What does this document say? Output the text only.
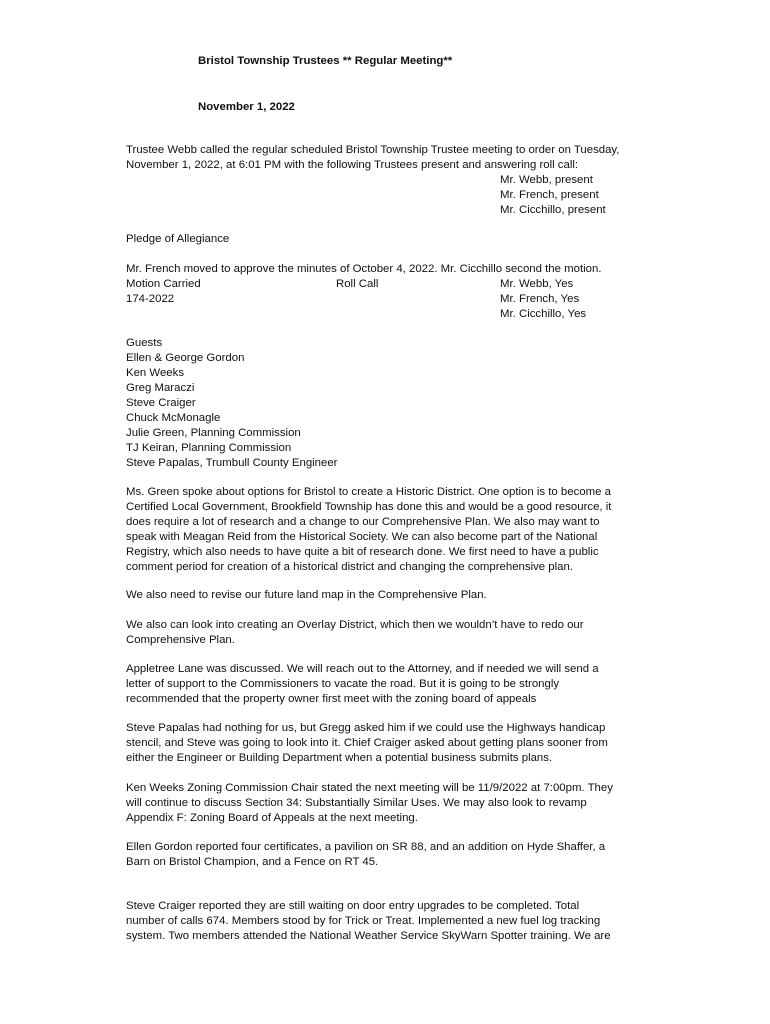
Bristol Township Trustees ** Regular Meeting**
November 1, 2022
Trustee Webb called the regular scheduled Bristol Township Trustee meeting to order on Tuesday,
November 1, 2022, at 6:01 PM with the following Trustees present and answering roll call:
Mr. Webb, present
Mr. French, present
Mr. Cicchillo, present
Pledge of Allegiance
Mr. French moved to approve the minutes of October 4, 2022. Mr. Cicchillo second the motion.
Motion Carried
174-2022
Roll Call	Mr. Webb, Yes
Mr. French, Yes
Mr. Cicchillo, Yes
Guests
Ellen & George Gordon
Ken Weeks
Greg Maraczi
Steve Craiger
Chuck McMonagle
Julie Green, Planning Commission
TJ Keiran, Planning Commission
Steve Papalas, Trumbull County Engineer
Ms. Green spoke about options for Bristol to create a Historic District. One option is to become a
Certified Local Government, Brookfield Township has done this and would be a good resource, it
does require a lot of research and a change to our Comprehensive Plan. We also may want to
speak with Meagan Reid from the Historical Society. We can also become part of the National
Registry, which also needs to have quite a bit of research done. We first need to have a public
comment period for creation of a historical district and changing the comprehensive plan.
We also need to revise our future land map in the Comprehensive Plan.
We also can look into creating an Overlay District, which then we wouldn’t have to redo our
Comprehensive Plan.
Appletree Lane was discussed. We will reach out to the Attorney, and if needed we will send a
letter of support to the Commissioners to vacate the road. But it is going to be strongly
recommended that the property owner first meet with the zoning board of appeals
Steve Papalas had nothing for us, but Gregg asked him if we could use the Highways handicap
stencil, and Steve was going to look into it. Chief Craiger asked about getting plans sooner from
either the Engineer or Building Department when a potential business submits plans.
Ken Weeks Zoning Commission Chair stated the next meeting will be 11/9/2022 at 7:00pm. They
will continue to discuss Section 34: Substantially Similar Uses. We may also look to revamp
Appendix F: Zoning Board of Appeals at the next meeting.
Ellen Gordon reported four certificates, a pavilion on SR 88, and an addition on Hyde Shaffer, a
Barn on Bristol Champion, and a Fence on RT 45.
Steve Craiger reported they are still waiting on door entry upgrades to be completed. Total
number of calls 674. Members stood by for Trick or Treat. Implemented a new fuel log tracking
system. Two members attended the National Weather Service SkyWarn Spotter training. We are
